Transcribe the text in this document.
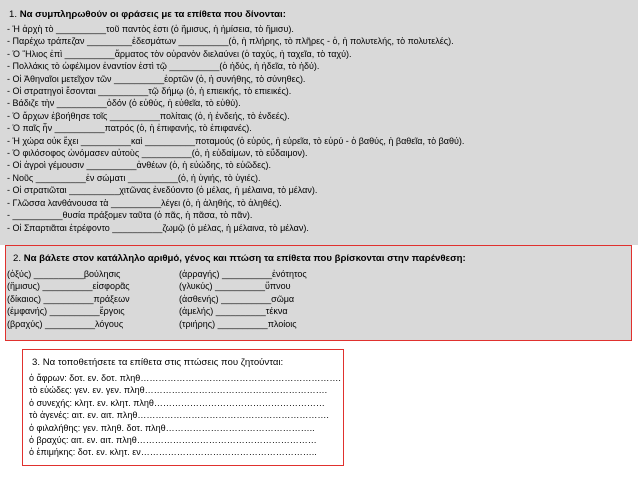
1. Να συμπληρωθούν οι φράσεις με τα επίθετα που δίνονται:
- Ἡ ἀρχὴ τὸ __________τοῦ παντὸς ἐστι (ὁ ἥμισυς, ἡ ἡμίσεια, τὸ ἥμισυ).
- Παρέχω τράπεζαν _________ἐδεσμάτων __________(ὁ, ἡ πλήρης, τὸ πλῆρες - ὁ, ἡ πολυτελής, τὸ πολυτελές).
- Ὁ Ἥλιος ἐπὶ __________ἅρματος τὸν οὐρανὸν διελαύνει (ὁ ταχύς, ἡ ταχεῖα, τὸ ταχύ).
- Πολλάκις τὸ ὠφέλιμον ἐναντίον ἐστὶ τῷ __________(ὁ ἡδύς, ἡ ἡδεῖα, τὸ ἡδύ).
- Οἱ Ἀθηναῖοι μετεῖχον τῶν __________ἑορτῶν (ὁ, ἡ συνήθης, τὸ σύνηθες).
- Οἱ στρατηγοὶ ἔσονται __________τῷ δήμῳ (ὁ, ἡ επιεικής, τὸ επιεικές).
- Βάδιζε τὴν __________ὁδόν (ὁ εὐθύς, ἡ εὐθεῖα, τὸ εὐθύ).
- Ὁ ἄρχων ἐβοήθησε τοῖς __________πολίταις (ὁ, ἡ ἐνδεής, τὸ ἐνδεές).
- Ὁ παῖς ἦν __________πατρός (ὁ, ἡ ἐπιφανής, τὸ ἐπιφανές).
- Ἡ χώρα οὐκ ἔχει __________καὶ __________ποταμούς (ὁ εὐρύς, ἡ εὐρεῖα, τὸ εὐρύ - ὁ βαθύς, ἡ βαθεῖα, τὸ βαθύ).
- Ὁ φιλόσοφος ὡνόμασεν αὐτοὺς __________(ὁ, ἡ εὐδαίμων, τὸ εὔδαιμον).
- Οἱ ἀγροὶ γέμουσιν __________ἀνθέων (ὁ, ἡ εὐώδης, τὸ εὐῶδες).
- Νοῦς __________ἐν σώματι __________(ὁ, ἡ ὑγιής, τὸ ὑγιές).
- Οἱ στρατιῶται __________χιτῶνας ἐνεδύοντο (ὁ μέλας, ἡ μέλαινα, τὸ μέλαν).
- Γλῶσσα λανθάνουσα τὰ __________λέγει (ὁ, ἡ ἀληθής, τὸ ἀληθές).
- __________θυσία πράξομεν ταῦτα (ὁ πᾶς, ἡ πᾶσα, τὸ πᾶν).
- Οἱ Σπαρτιᾶται ἐτρέφοντο __________ζωμῷ (ὁ μέλας, ἡ μέλαινα, τὸ μέλαν).
2. Να βάλετε στον κατάλληλο αριθμό, γένος και πτώση τα επίθετα που βρίσκονται στην παρένθεση:
(ὀξύς) __________βούλησις	(ἀρραγής) __________ἐνότητος
(ἥμισυς) __________εἰσφορᾶς	(γλυκύς) __________ὕπνου
(δίκαιος) __________πράξεων	(ἀσθενής) __________σῶμα
(ἐμφανής) __________ἔργοις	(ἀμελής) __________τέκνα
(βραχύς) __________λόγους	(τριήρης) __________πλοίοις
3. Να τοποθετήσετε τα επίθετα στις πτώσεις που ζητούνται:
ὁ ἄφρων: δοτ. εν. δοτ. πληθ………………………………………………………….
τὸ εὐώδες: γεν. εν. γεν. πληθ…………………………………………………….
ὁ συνεχής: κλητ. εν. κλητ. πληθ…………………………………………………
τὸ ἀγενές: αιτ. εν. αιτ. πληθ……………………………………………………….
ὁ φιλαλήθης: γεν. πληθ. δοτ. πληθ…………………………………………..
ὁ βραχύς: αιτ. εν. αιτ. πληθ……………………………………………………
ὁ ἐπιμήκης: δοτ. εν. κλητ. εν…………………………………………………..
